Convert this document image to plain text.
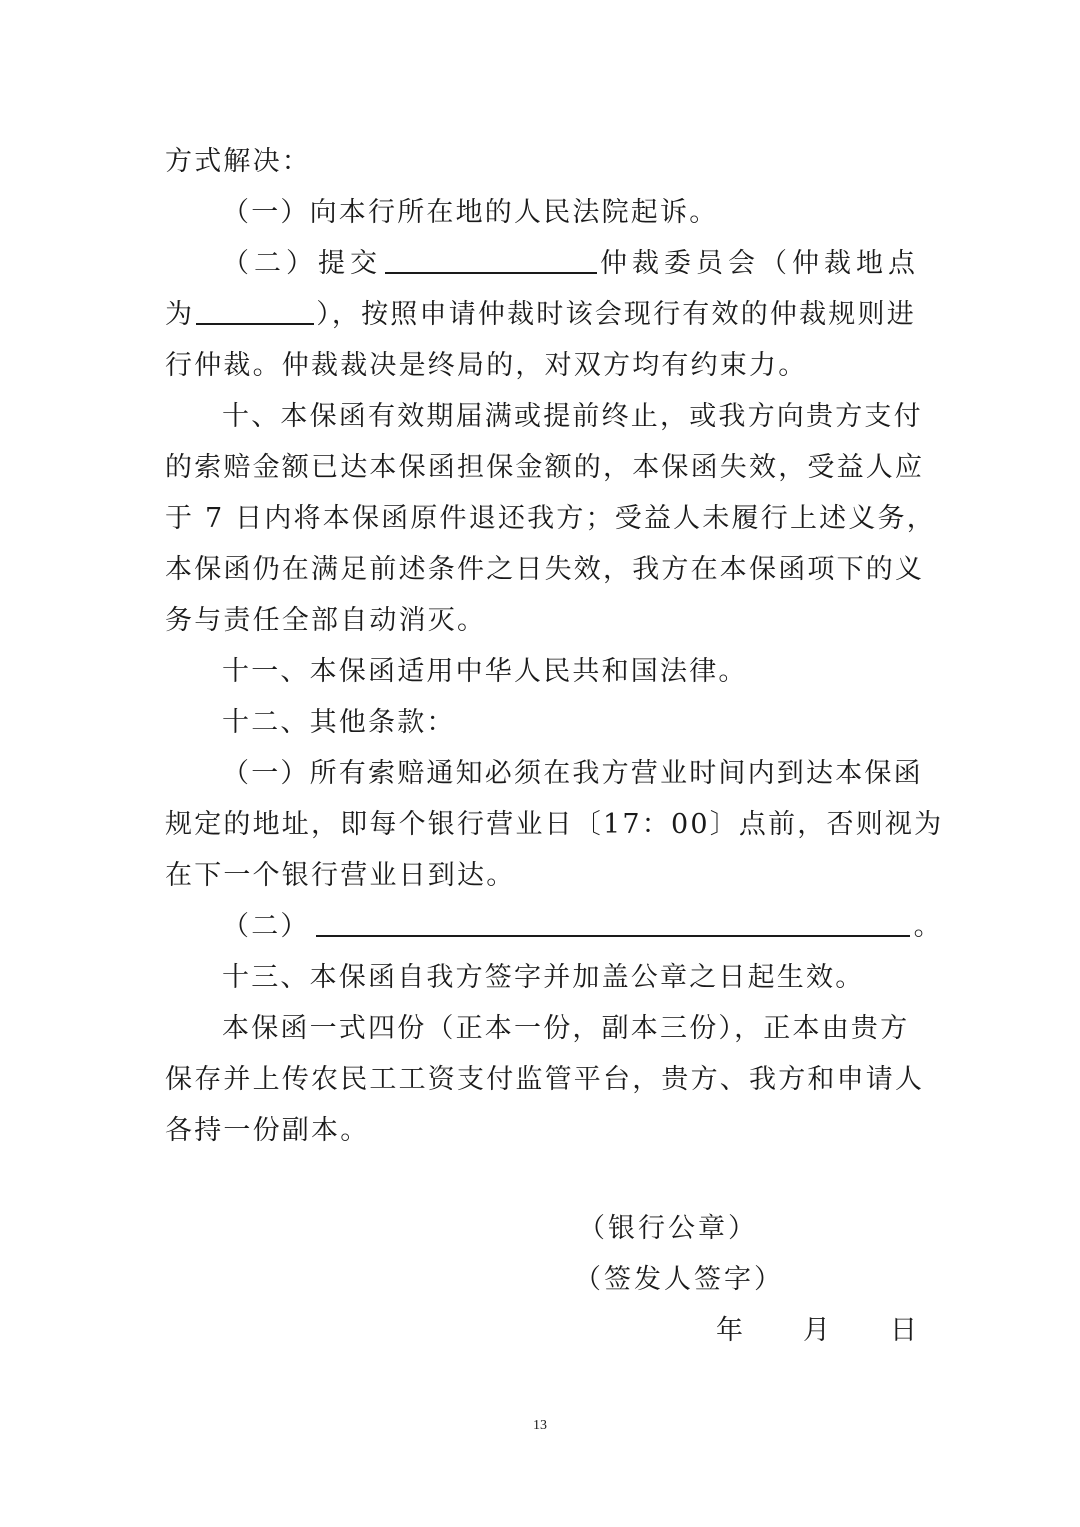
方式解决：
（一）向本行所在地的人民法院起诉。
（二）提交	仲裁委员会（仲裁地点
为	），按照申请仲裁时该会现行有效的仲裁规则进
行仲裁。仲裁裁决是终局的，对双方均有约束力。
十、本保函有效期届满或提前终止，或我方向贵方支付
的索赔金额已达本保函担保金额的，本保函失效，受益人应
于 7 日内将本保函原件退还我方；受益人未履行上述义务，
本保函仍在满足前述条件之日失效，我方在本保函项下的义
务与责任全部自动消灭。
十一、本保函适用中华人民共和国法律。
十二、其他条款：
（一）所有索赔通知必须在我方营业时间内到达本保函
规定的地址，即每个银行营业日〔17：00〕点前，否则视为
在下一个银行营业日到达。
（二）	。
十三、本保函自我方签字并加盖公章之日起生效。
本保函一式四份（正本一份，副本三份），正本由贵方
保存并上传农民工工资支付监管平台，贵方、我方和申请人
各持一份副本。
（银行公章）
（签发人签字）
年 月 日
13
